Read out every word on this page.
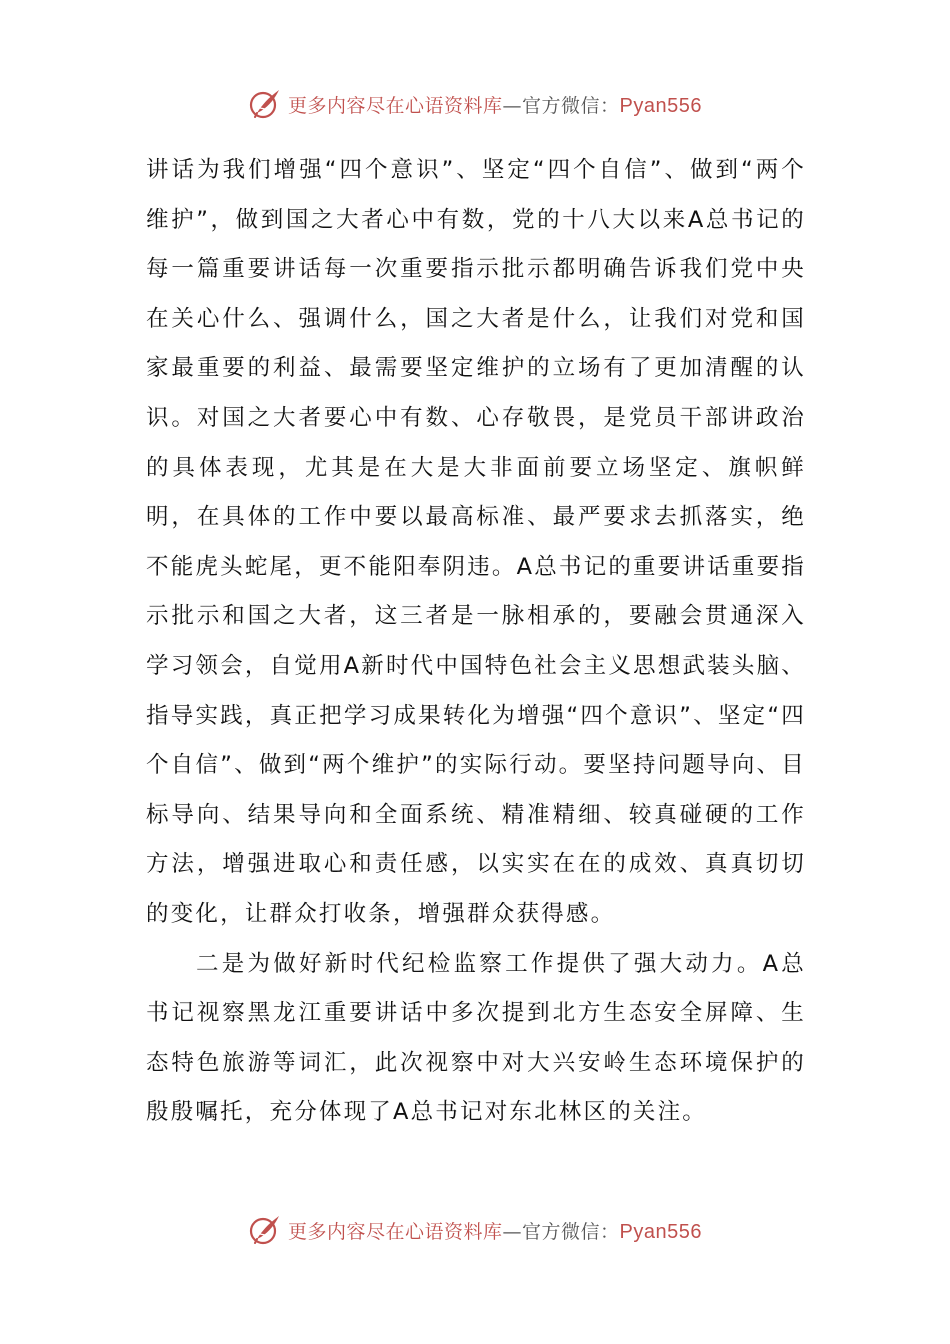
更多内容尽在心语资料库—官方微信：Pyan556

讲话为我们增强“四个意识”、坚定“四个自信”、做到“两个维护”，做到国之大者心中有数，党的十八大以来A总书记的每一篇重要讲话每一次重要指示批示都明确告诉我们党中央在关心什么、强调什么，国之大者是什么，让我们对党和国家最重要的利益、最需要坚定维护的立场有了更加清醒的认识。对国之大者要心中有数、心存敬畏，是党员干部讲政治的具体表现，尤其是在大是大非面前要立场坚定、旗帜鲜明，在具体的工作中要以最高标准、最严要求去抓落实，绝不能虎头蛇尾，更不能阳奉阴违。A总书记的重要讲话重要指示批示和国之大者，这三者是一脉相承的，要融会贯通深入学习领会，自觉用A新时代中国特色社会主义思想武装头脑、指导实践，真正把学习成果转化为增强“四个意识”、坚定“四个自信”、做到“两个维护”的实际行动。要坚持问题导向、目标导向、结果导向和全面系统、精准精细、较真碰硬的工作方法，增强进取心和责任感，以实实在在的成效、真真切切的变化，让群众打收条，增强群众获得感。

二是为做好新时代纪检监察工作提供了强大动力。A总书记视察黑龙江重要讲话中多次提到北方生态安全屏障、生态特色旅游等词汇，此次视察中对大兴安岭生态环境保护的殷殷嘱托，充分体现了A总书记对东北林区的关注。

更多内容尽在心语资料库—官方微信：Pyan556
